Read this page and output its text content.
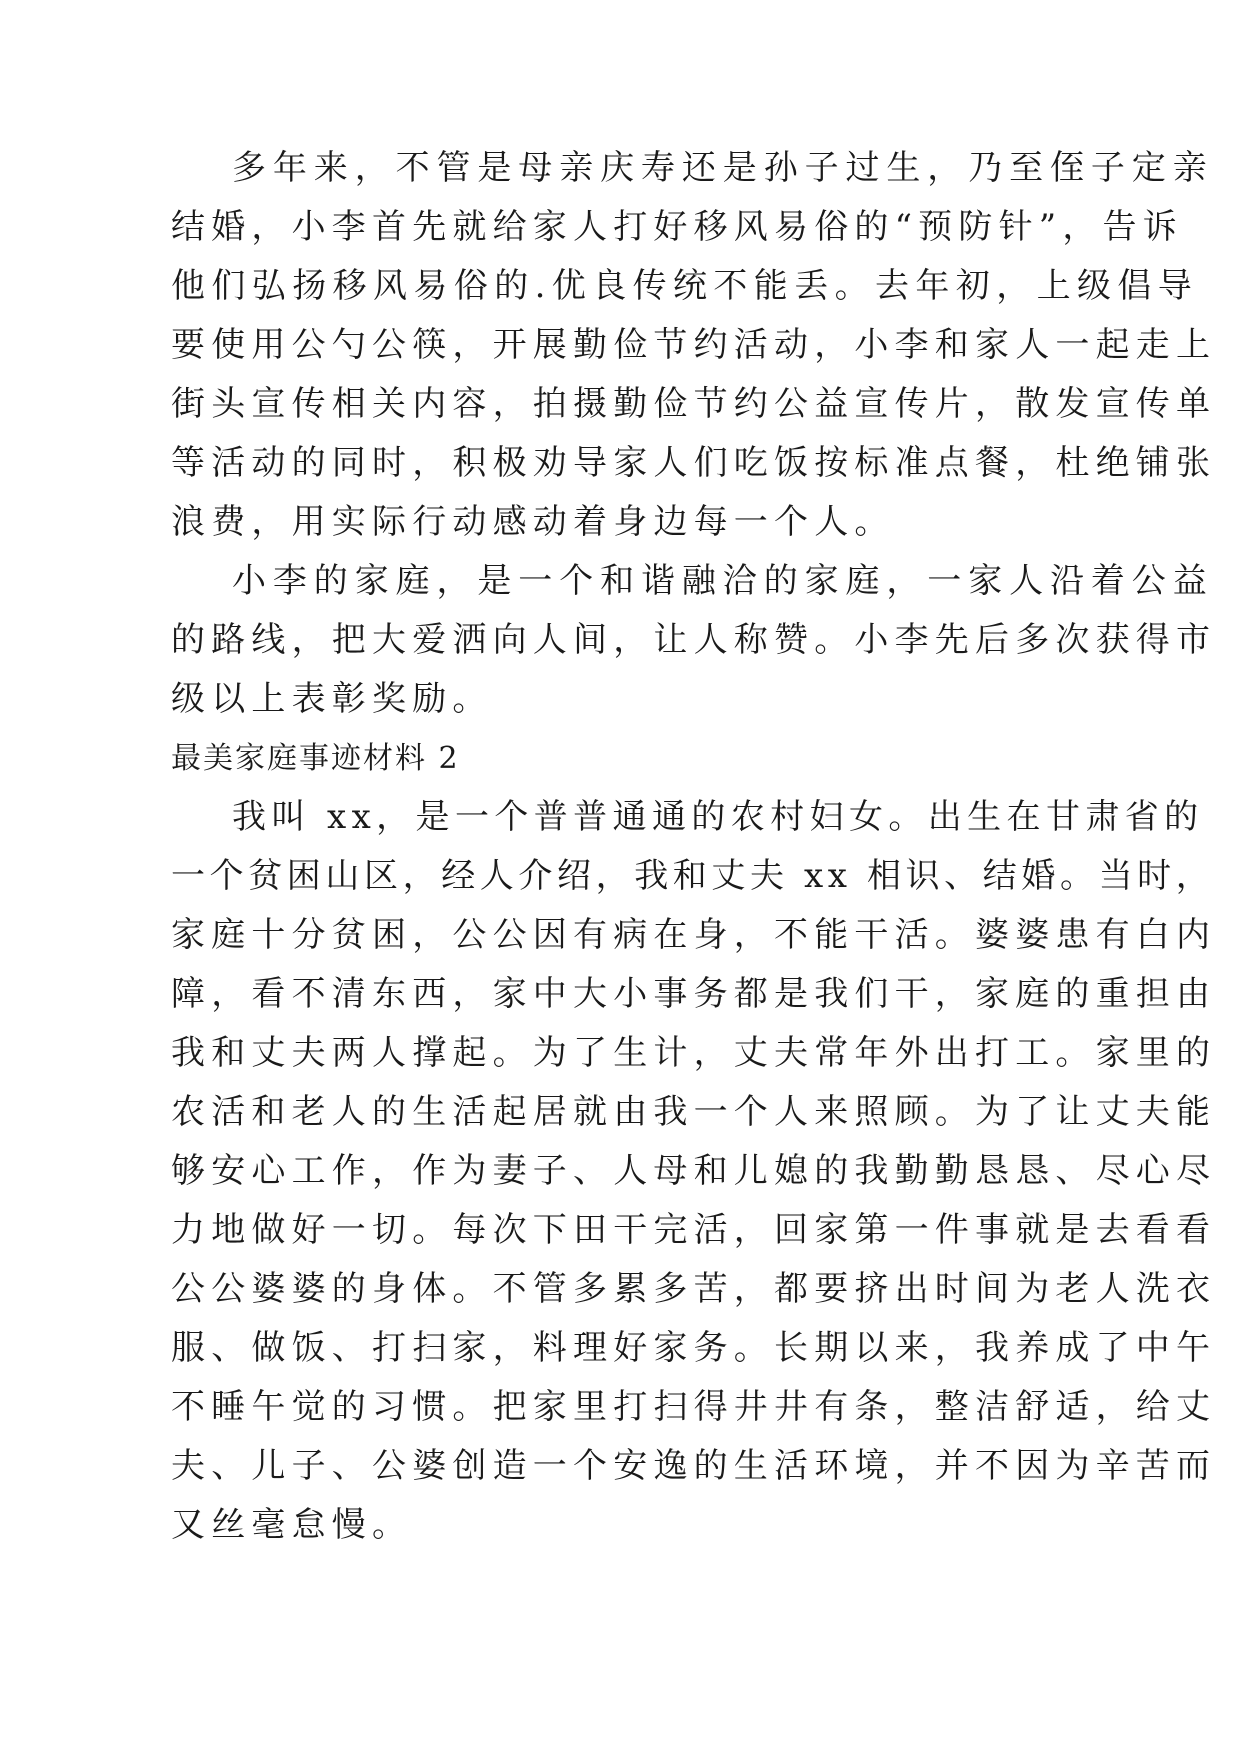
多年来，不管是母亲庆寿还是孙子过生，乃至侄子定亲
结婚，小李首先就给家人打好移风易俗的“预防针”，告诉
他们弘扬移风易俗的.优良传统不能丢。去年初，上级倡导
要使用公勺公筷，开展勤俭节约活动，小李和家人一起走上
街头宣传相关内容，拍摄勤俭节约公益宣传片，散发宣传单
等活动的同时，积极劝导家人们吃饭按标准点餐，杜绝铺张
浪费，用实际行动感动着身边每一个人。
小李的家庭，是一个和谐融洽的家庭，一家人沿着公益
的路线，把大爱洒向人间，让人称赞。小李先后多次获得市
级以上表彰奖励。
最美家庭事迹材料 2
我叫 xx，是一个普普通通的农村妇女。出生在甘肃省的
一个贫困山区，经人介绍，我和丈夫 xx 相识、结婚。当时，
家庭十分贫困，公公因有病在身，不能干活。婆婆患有白内
障，看不清东西，家中大小事务都是我们干，家庭的重担由
我和丈夫两人撑起。为了生计，丈夫常年外出打工。家里的
农活和老人的生活起居就由我一个人来照顾。为了让丈夫能
够安心工作，作为妻子、人母和儿媳的我勤勤恳恳、尽心尽
力地做好一切。每次下田干完活，回家第一件事就是去看看
公公婆婆的身体。不管多累多苦，都要挤出时间为老人洗衣
服、做饭、打扫家，料理好家务。长期以来，我养成了中午
不睡午觉的习惯。把家里打扫得井井有条，整洁舒适，给丈
夫、儿子、公婆创造一个安逸的生活环境，并不因为辛苦而
又丝毫怠慢。
